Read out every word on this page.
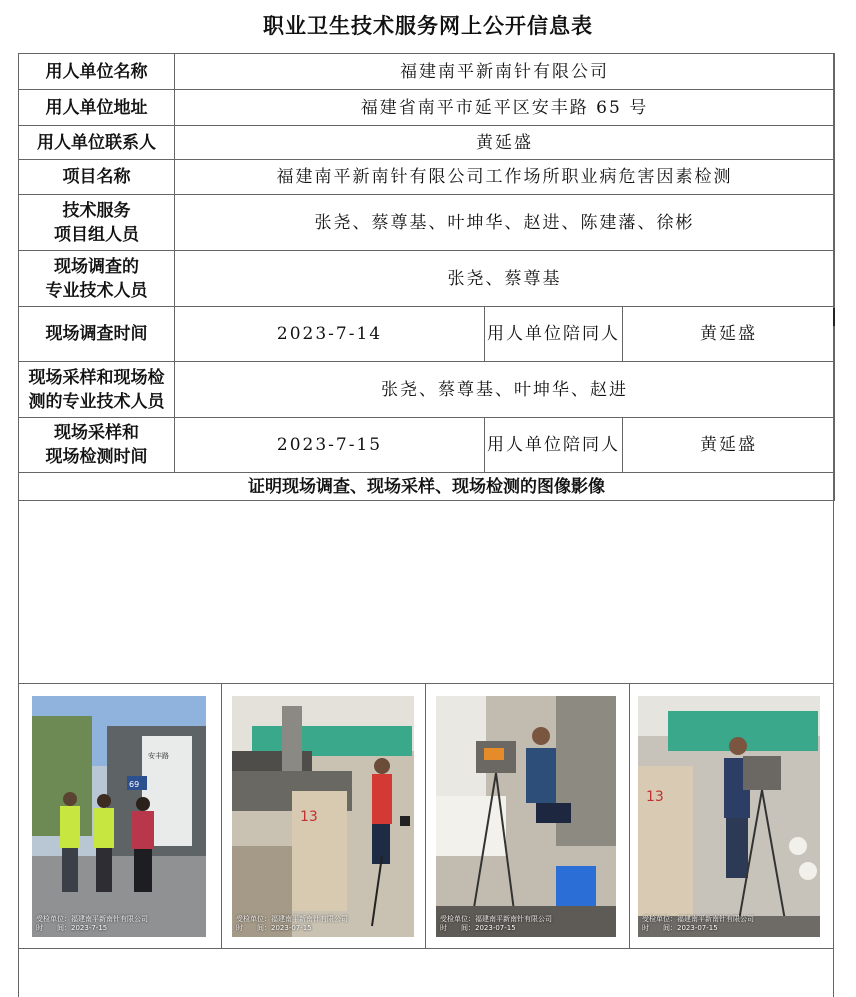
职业卫生技术服务网上公开信息表
用人单位名称	福建南平新南针有限公司		
用人单位地址	福建省南平市延平区安丰路 65 号		
用人单位联系人	黄延盛		
项目名称	福建南平新南针有限公司工作场所职业病危害因素检测		

技术服务
项目组人员	张尧、蔡尊基、叶坤华、赵进、陈建藩、徐彬		

现场调查的
专业技术人员	张尧、蔡尊基		
现场调查时间	2023-7-14	用人单位陪同人	黄延盛

现场采样和现场检
测的专业技术人员	张尧、蔡尊基、叶坤华、赵进		

现场采样和
现场检测时间	2023-7-15	用人单位陪同人	黄延盛
证明现场调查、现场采样、现场检测的图像影像			
69
安丰路
受检单位：福建南平新南针有限公司
时　　间：2023-7-15
13
受检单位：福建南平新南针有限公司
时　　间：2023-07-15
受检单位：福建南平新南针有限公司
时　　间：2023-07-15
13
受检单位：福建南平新南针有限公司
时　　间：2023-07-15
